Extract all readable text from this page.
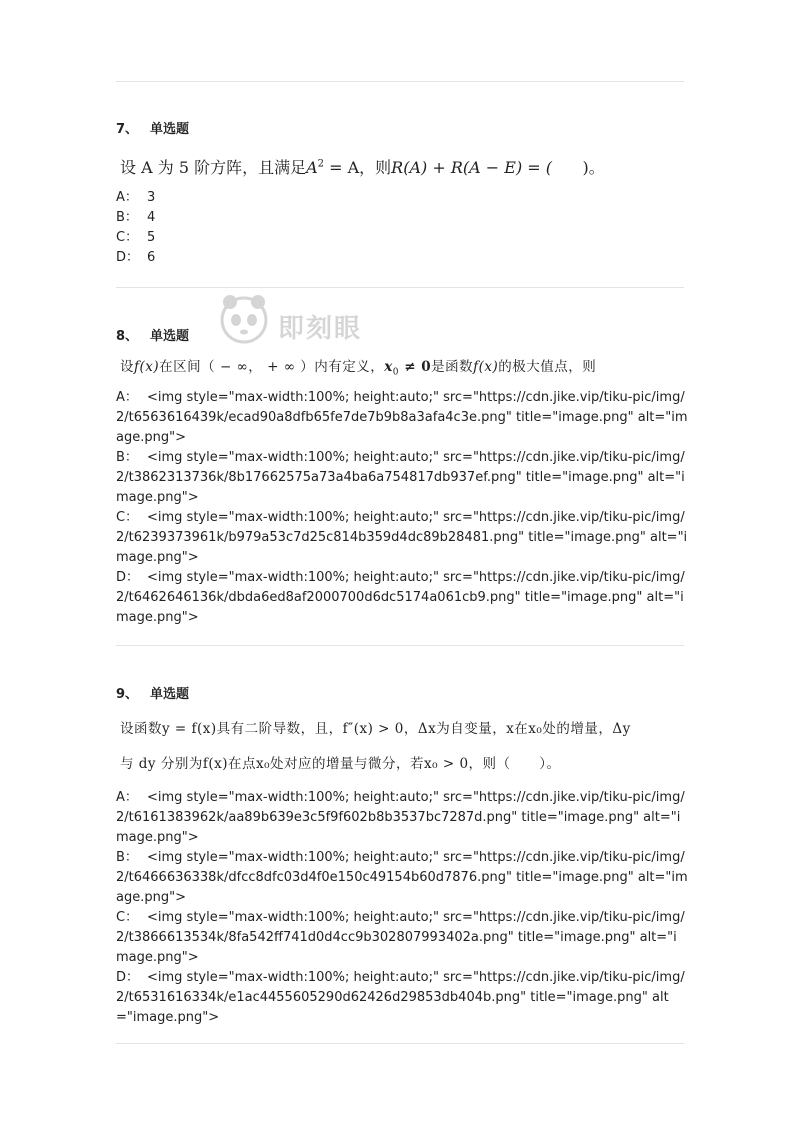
7、 单选题
设 A 为 5 阶方阵，且满足$A^2 = A$，则R(A) + R(A − E) = (      )。
A： 3
B： 4
C： 5
D： 6
即刻眼
8、 单选题
设f(x)在区间（ − ∞， + ∞ ）内有定义，$x_0 \ne 0$是函数f(x)的极大值点，则
A： <img style="max-width:100%; height:auto;" src="https://cdn.jike.vip/tiku-pic/img/2/t6563616439k/ecad90a8dfb65fe7de7b9b8a3afa4c3e.png" title="image.png" alt="image.png">
B： <img style="max-width:100%; height:auto;" src="https://cdn.jike.vip/tiku-pic/img/2/t3862313736k/8b17662575a73a4ba6a754817db937ef.png" title="image.png" alt="image.png">
C： <img style="max-width:100%; height:auto;" src="https://cdn.jike.vip/tiku-pic/img/2/t6239373961k/b979a53c7d25c814b359d4dc89b28481.png" title="image.png" alt="image.png">
D： <img style="max-width:100%; height:auto;" src="https://cdn.jike.vip/tiku-pic/img/2/t6462646136k/dbda6ed8af2000700d6dc5174a061cb9.png" title="image.png" alt="image.png">
9、 单选题
设函数y = f(x)具有二阶导数，且，f″(x) > 0，Δx为自变量，x在x₀处的增量，Δy
与 dy 分别为f(x)在点x₀处对应的增量与微分，若x₀ > 0，则（      ）。
A： <img style="max-width:100%; height:auto;" src="https://cdn.jike.vip/tiku-pic/img/2/t6161383962k/aa89b639e3c5f9f602b8b3537bc7287d.png" title="image.png" alt="image.png">
B： <img style="max-width:100%; height:auto;" src="https://cdn.jike.vip/tiku-pic/img/2/t6466636338k/dfcc8dfc03d4f0e150c49154b60d7876.png" title="image.png" alt="image.png">
C： <img style="max-width:100%; height:auto;" src="https://cdn.jike.vip/tiku-pic/img/2/t3866613534k/8fa542ff741d0d4cc9b302807993402a.png" title="image.png" alt="image.png">
D： <img style="max-width:100%; height:auto;" src="https://cdn.jike.vip/tiku-pic/img/2/t6531616334k/e1ac4455605290d62426d29853db404b.png" title="image.png" alt="image.png">
